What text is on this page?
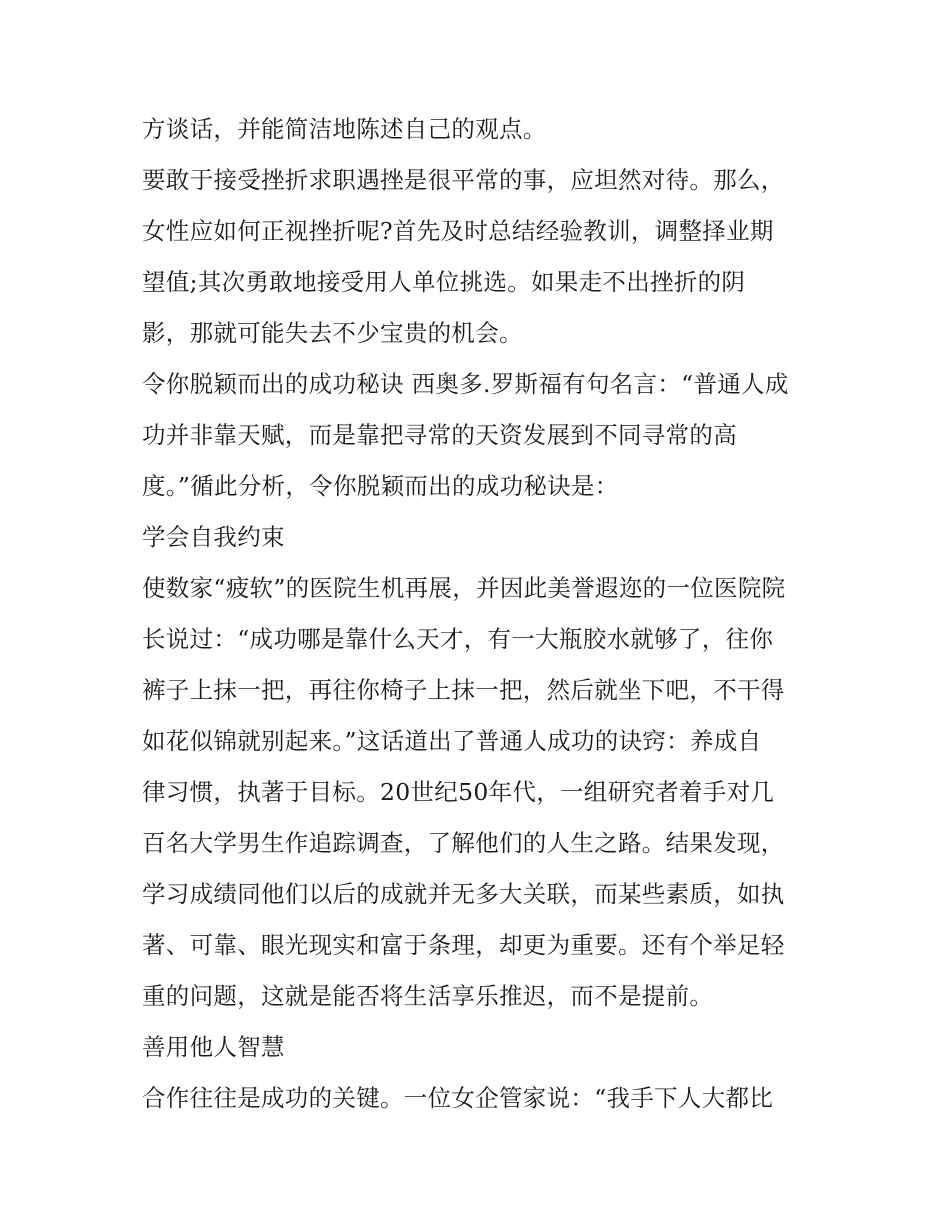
方谈话，并能简洁地陈述自己的观点。

要敢于接受挫折求职遇挫是很平常的事，应坦然对待。那么，

女性应如何正视挫折呢?首先及时总结经验教训，调整择业期

望值;其次勇敢地接受用人单位挑选。如果走不出挫折的阴

影，那就可能失去不少宝贵的机会。

令你脱颖而出的成功秘诀 西奥多.罗斯福有句名言：“普通人成

功并非靠天赋，而是靠把寻常的天资发展到不同寻常的高

度。”循此分析，令你脱颖而出的成功秘诀是：

学会自我约束

使数家“疲软”的医院生机再展，并因此美誉遐迩的一位医院院

长说过：“成功哪是靠什么天才，有一大瓶胶水就够了，往你

裤子上抹一把，再往你椅子上抹一把，然后就坐下吧，不干得

如花似锦就别起来。”这话道出了普通人成功的诀窍：养成自

律习惯，执著于目标。20世纪50年代，一组研究者着手对几

百名大学男生作追踪调查，了解他们的人生之路。结果发现，

学习成绩同他们以后的成就并无多大关联，而某些素质，如执

著、可靠、眼光现实和富于条理，却更为重要。还有个举足轻

重的问题，这就是能否将生活享乐推迟，而不是提前。

善用他人智慧

合作往往是成功的关键。一位女企管家说：“我手下人大都比
